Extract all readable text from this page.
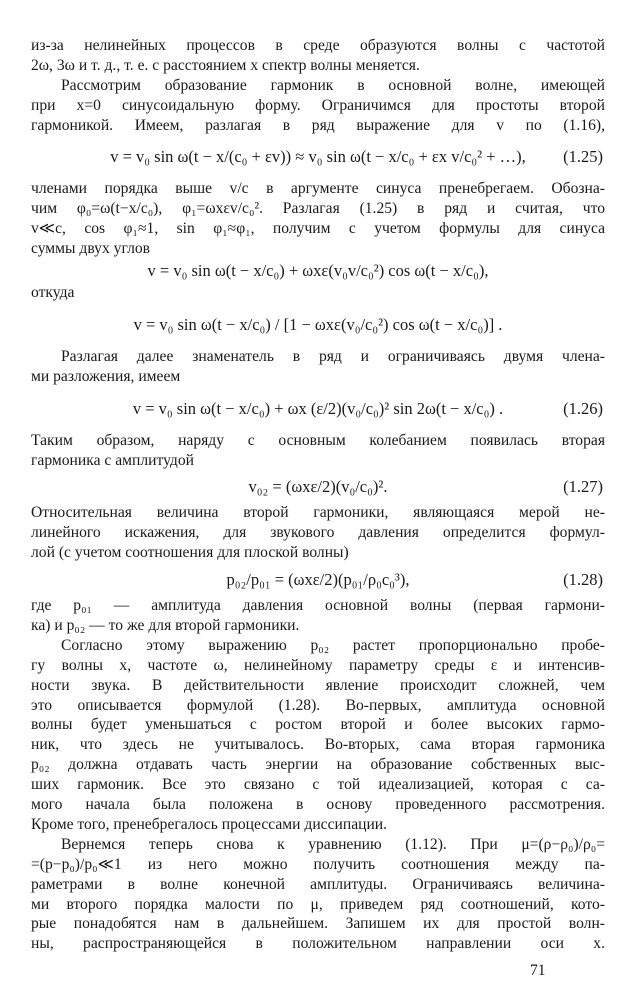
из-за нелинейных процессов в среде образуются волны с частотой
2ω, 3ω и т. д., т. е. с расстоянием x спектр волны меняется.
Рассмотрим образование гармоник в основной волне, имеющей
при x=0 синусоидальную форму. Ограничимся для простоты второй
гармоникой. Имеем, разлагая в ряд выражение для v по (1.16),
v = v₀ sin ω(t − x/(c₀ + εv)) ≈ v₀ sin ω(t − x/c₀ + εx v/c₀² + …), (1.25)
членами порядка выше v/c в аргументе синуса пренебрегаем. Обозна-
чим φ₀=ω(t−x/c₀), φ₁=ωxεv/c₀². Разлагая (1.25) в ряд и считая, что
v≪c, cos φ₁≈1, sin φ₁≈φ₁, получим с учетом формулы для синуса
суммы двух углов
v = v₀ sin ω(t − x/c₀) + ωxε(v₀v/c₀²) cos ω(t − x/c₀),
откуда
v = v₀ sin ω(t − x/c₀) / [1 − ωxε(v₀/c₀²) cos ω(t − x/c₀)] .
Разлагая далее знаменатель в ряд и ограничиваясь двумя члена-
ми разложения, имеем
v = v₀ sin ω(t − x/c₀) + ωx (ε/2)(v₀/c₀)² sin 2ω(t − x/c₀) .	(1.26)
Таким образом, наряду с основным колебанием появилась вторая
гармоника с амплитудой
v₀₂ = (ωxε/2)(v₀/c₀)².	(1.27)
Относительная величина второй гармоники, являющаяся мерой не-
линейного искажения, для звукового давления определится формул-
лой (с учетом соотношения для плоской волны)
p₀₂/p₀₁ = (ωxε/2)(p₀₁/ρ₀c₀³),	(1.28)
где p₀₁ — амплитуда давления основной волны (первая гармони-
ка) и p₀₂ — то же для второй гармоники.
Согласно этому выражению p₀₂ растет пропорционально пробе-
гу волны x, частоте ω, нелинейному параметру среды ε и интенсив-
ности звука. В действительности явление происходит сложней, чем
это описывается формулой (1.28). Во-первых, амплитуда основной
волны будет уменьшаться с ростом второй и более высоких гармо-
ник, что здесь не учитывалось. Во-вторых, сама вторая гармоника
p₀₂ должна отдавать часть энергии на образование собственных выс-
ших гармоник. Все это связано с той идеализацией, которая с са-
мого начала была положена в основу проведенного рассмотрения.
Кроме того, пренебрегалось процессами диссипации.
Вернемся теперь снова к уравнению (1.12). При μ=(ρ−ρ₀)/ρ₀=
=(p−p₀)/p₀≪1 из него можно получить соотношения между па-
раметрами в волне конечной амплитуды. Ограничиваясь величина-
ми второго порядка малости по μ, приведем ряд соотношений, кото-
рые понадобятся нам в дальнейшем. Запишем их для простой волн-
ны, распространяющейся в положительном направлении оси x.
71
